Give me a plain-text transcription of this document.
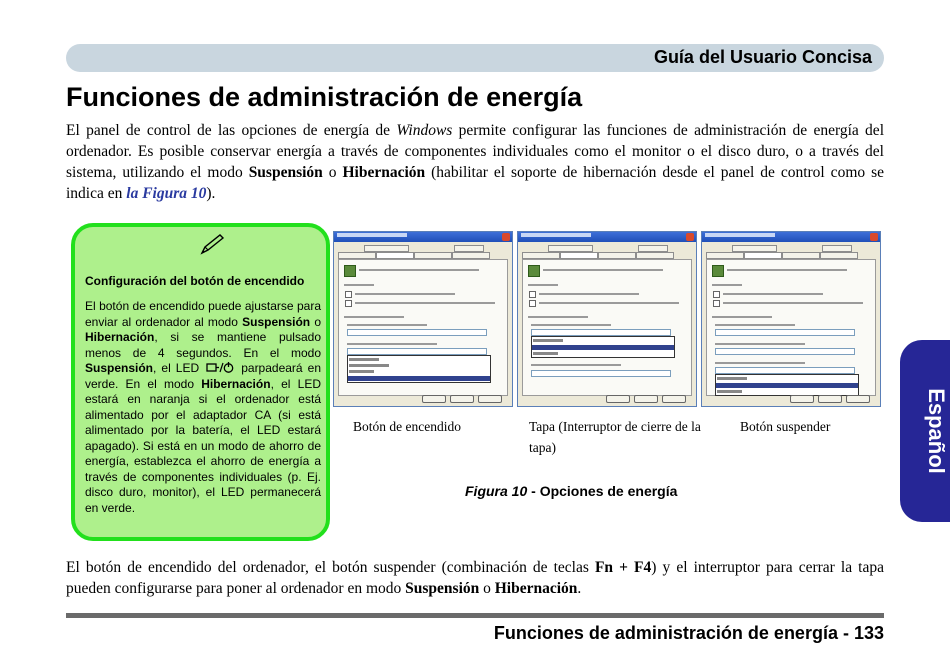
Guía del Usuario Concisa
Funciones de administración de energía

El panel de control de las opciones de energía de Windows permite configurar las funciones de administración de energía del ordenador. Es posible conservar energía a través de componentes individuales como el monitor o el disco duro, o a través del sistema, utilizando el modo Suspensión o Hibernación (habilitar el soporte de hibernación desde el panel de control como se indica en la Figura 10).

Configuración del botón de encendido

El botón de encendido puede ajustarse para enviar al ordenador al modo Suspensión o Hibernación, si se mantiene pulsado menos de 4 segundos. En el modo Suspensión, el LED	parpadeará en verde. En el modo Hibernación, el LED estará en naranja si el ordenador está alimentado por el adaptador CA (si está alimentado por la batería, el LED estará apagado). Si está en un modo de ahorro de energía, establezca el ahorro de energía a través de componentes individuales (p. Ej. disco duro, monitor), el LED permanecerá en verde.

Botón de encendido	Tapa (Interruptor de cierre de la tapa)
Botón suspender
Figura 10 - Opciones de energía

El botón de encendido del ordenador, el botón suspender (combinación de teclas Fn + F4) y el interruptor para cerrar la tapa pueden configurarse para poner al ordenador en modo Suspensión o Hibernación.

Funciones de administración de energía - 133
Español
